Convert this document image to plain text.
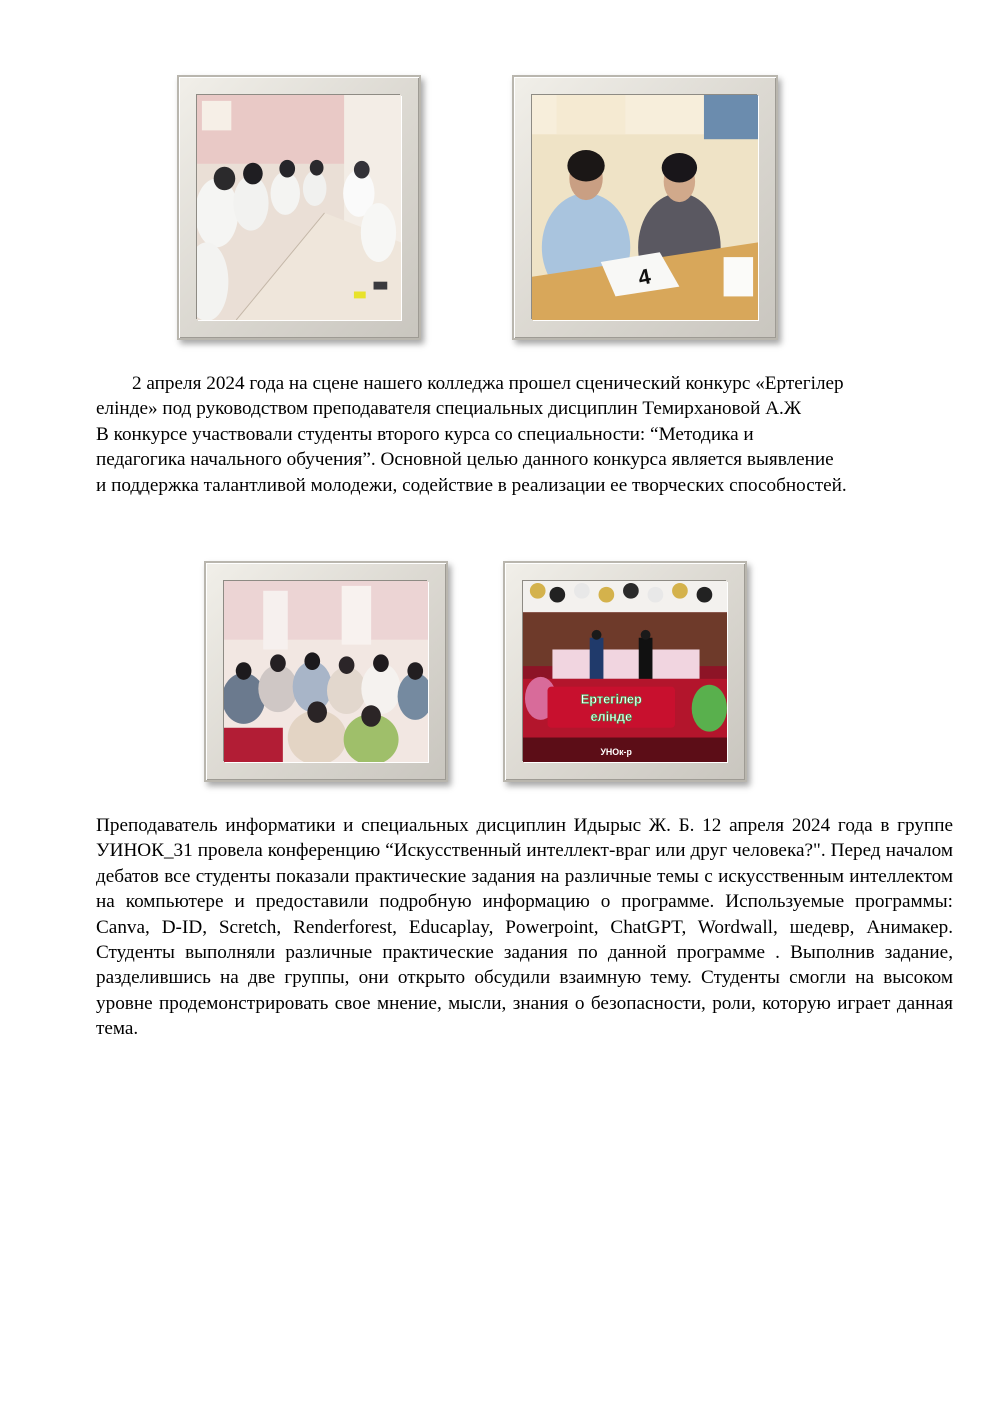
4

2 апреля 2024 года на сцене нашего колледжа прошел сценический конкурс «Ертегiлер
елiнде» под руководством преподавателя специальных дисциплин Темирхановой А.Ж
В конкурсе участвовали студенты второго курса со специальности: “Методика и
педагогика начального обучения”. Основной целью данного конкурса является выявление
и поддержка талантливой молодежи, содействие в реализации ее творческих способностей.

Ертегiлер
елiнде
УНОк-р

Преподаватель информатики и специальных дисциплин Идырыс Ж. Б. 12 апреля 2024 года в группе УИНОК_31 провела конференцию “Искусственный интеллект-враг или друг человека?". Перед началом дебатов все студенты показали практические задания на различные темы с искусственным интеллектом на компьютере и предоставили подробную информацию о программе. Используемые программы: Canva, D-ID, Scretch, Renderforest, Educaplay, Powerpoint, ChatGPT, Wordwall, шедевр, Анимакер. Студенты выполняли различные практические задания по данной программе . Выполнив задание, разделившись на две группы, они открыто обсудили взаимную тему. Студенты смогли на высоком уровне продемонстрировать свое мнение, мысли, знания о безопасности, роли, которую играет данная тема.
